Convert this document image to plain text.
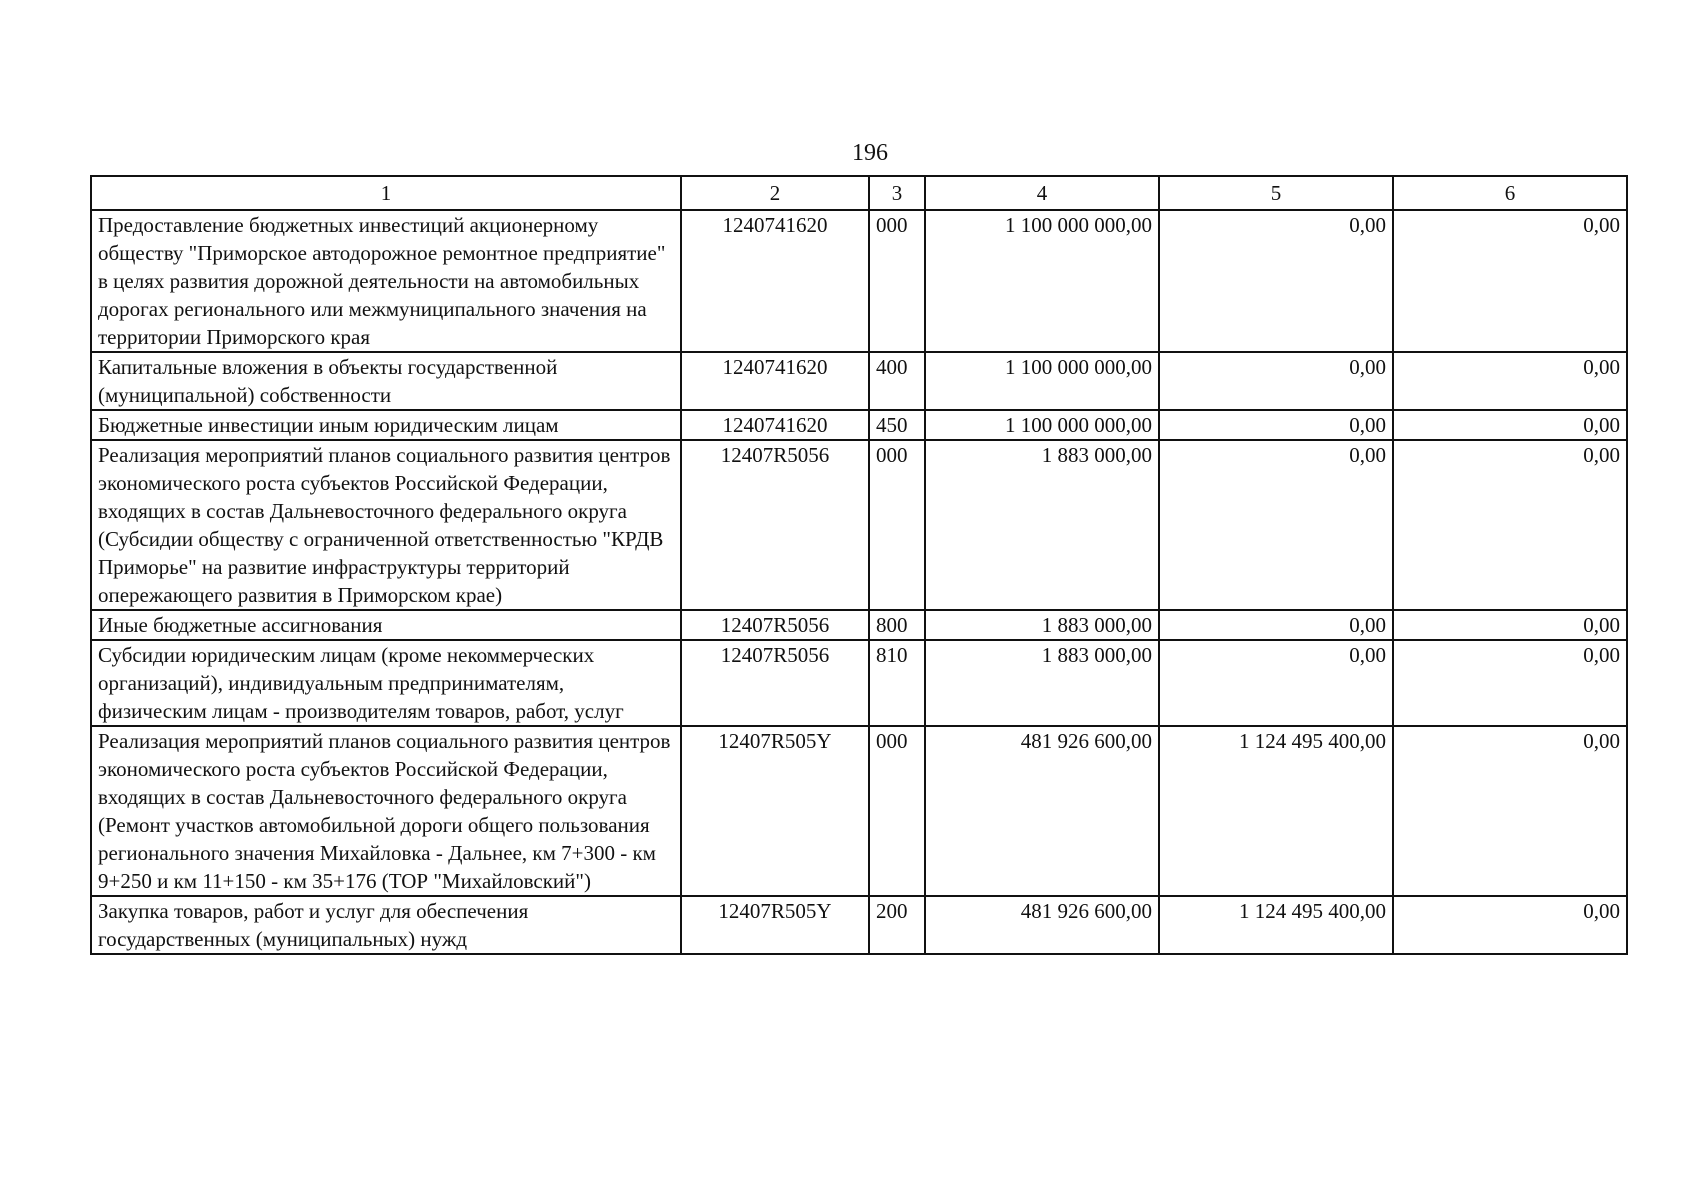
196
1	2	3	4	5	6
Предоставление бюджетных инвестиций акционерному обществу "Приморское автодорожное ремонтное предприятие" в целях развития дорожной деятельности на автомобильных дорогах регионального или межмуниципального значения на территории Приморского края	1240741620	000	1 100 000 000,00	0,00	0,00
Капитальные вложения в объекты государственной (муниципальной) собственности	1240741620	400	1 100 000 000,00	0,00	0,00
Бюджетные инвестиции иным юридическим лицам	1240741620	450	1 100 000 000,00	0,00	0,00
Реализация мероприятий планов социального развития центров экономического роста субъектов Российской Федерации, входящих в состав Дальневосточного федерального округа (Субсидии обществу с ограниченной ответственностью "КРДВ Приморье" на развитие инфраструктуры территорий опережающего развития в Приморском крае)	12407R5056	000	1 883 000,00	0,00	0,00
Иные бюджетные ассигнования	12407R5056	800	1 883 000,00	0,00	0,00
Субсидии юридическим лицам (кроме некоммерческих организаций), индивидуальным предпринимателям, физическим лицам - производителям товаров, работ, услуг	12407R5056	810	1 883 000,00	0,00	0,00
Реализация мероприятий планов социального развития центров экономического роста субъектов Российской Федерации, входящих в состав Дальневосточного федерального округа (Ремонт участков автомобильной дороги общего пользования регионального значения Михайловка - Дальнее, км 7+300 - км 9+250 и км 11+150 - км 35+176 (ТОР "Михайловский")	12407R505Y	000	481 926 600,00	1 124 495 400,00	0,00
Закупка товаров, работ и услуг для обеспечения государственных (муниципальных) нужд	12407R505Y	200	481 926 600,00	1 124 495 400,00	0,00
